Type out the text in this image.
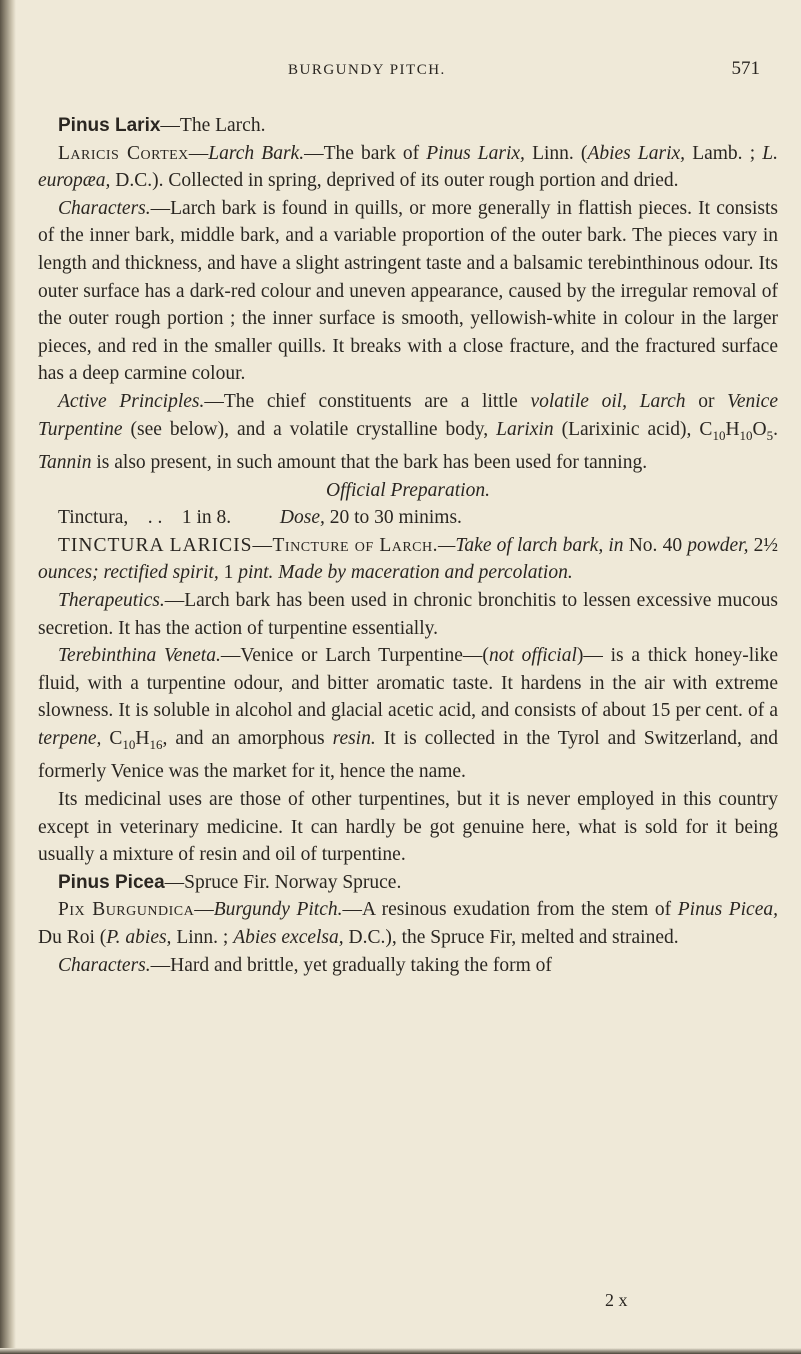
BURGUNDY PITCH.	571

Pinus Larix—The Larch.

Laricis Cortex—Larch Bark.—The bark of Pinus Larix, Linn. (Abies Larix, Lamb. ; L. europæa, D.C.). Collected in spring, deprived of its outer rough portion and dried.

Characters.—Larch bark is found in quills, or more generally in flattish pieces. It consists of the inner bark, middle bark, and a variable proportion of the outer bark. The pieces vary in length and thickness, and have a slight astringent taste and a balsamic terebinthinous odour. Its outer surface has a dark-red colour and uneven appearance, caused by the irregular removal of the outer rough portion ; the inner surface is smooth, yellowish-white in colour in the larger pieces, and red in the smaller quills. It breaks with a close fracture, and the fractured surface has a deep carmine colour.

Active Principles.—The chief constituents are a little volatile oil, Larch or Venice Turpentine (see below), and a volatile crystalline body, Larixin (Larixinic acid), $C_{10}H_{10}O_5$. Tannin is also present, in such amount that the bark has been used for tanning.

Official Preparation.

Tinctura, . . 1 in 8.	Dose, 20 to 30 minims.

TINCTURA LARICIS—Tincture of Larch.—Take of larch bark, in No. 40 powder, 2½ ounces; rectified spirit, 1 pint. Made by maceration and percolation.

Therapeutics.—Larch bark has been used in chronic bronchitis to lessen excessive mucous secretion. It has the action of turpentine essentially.

Terebinthina Veneta.—Venice or Larch Turpentine—(not official)— is a thick honey-like fluid, with a turpentine odour, and bitter aromatic taste. It hardens in the air with extreme slowness. It is soluble in alcohol and glacial acetic acid, and consists of about 15 per cent. of a terpene, $C_{10}H_{16}$, and an amorphous resin. It is collected in the Tyrol and Switzerland, and formerly Venice was the market for it, hence the name.

Its medicinal uses are those of other turpentines, but it is never employed in this country except in veterinary medicine. It can hardly be got genuine here, what is sold for it being usually a mixture of resin and oil of turpentine.

Pinus Picea—Spruce Fir. Norway Spruce.

Pix Burgundica—Burgundy Pitch.—A resinous exudation from the stem of Pinus Picea, Du Roi (P. abies, Linn. ; Abies excelsa, D.C.), the Spruce Fir, melted and strained.

Characters.—Hard and brittle, yet gradually taking the form of

2 x
